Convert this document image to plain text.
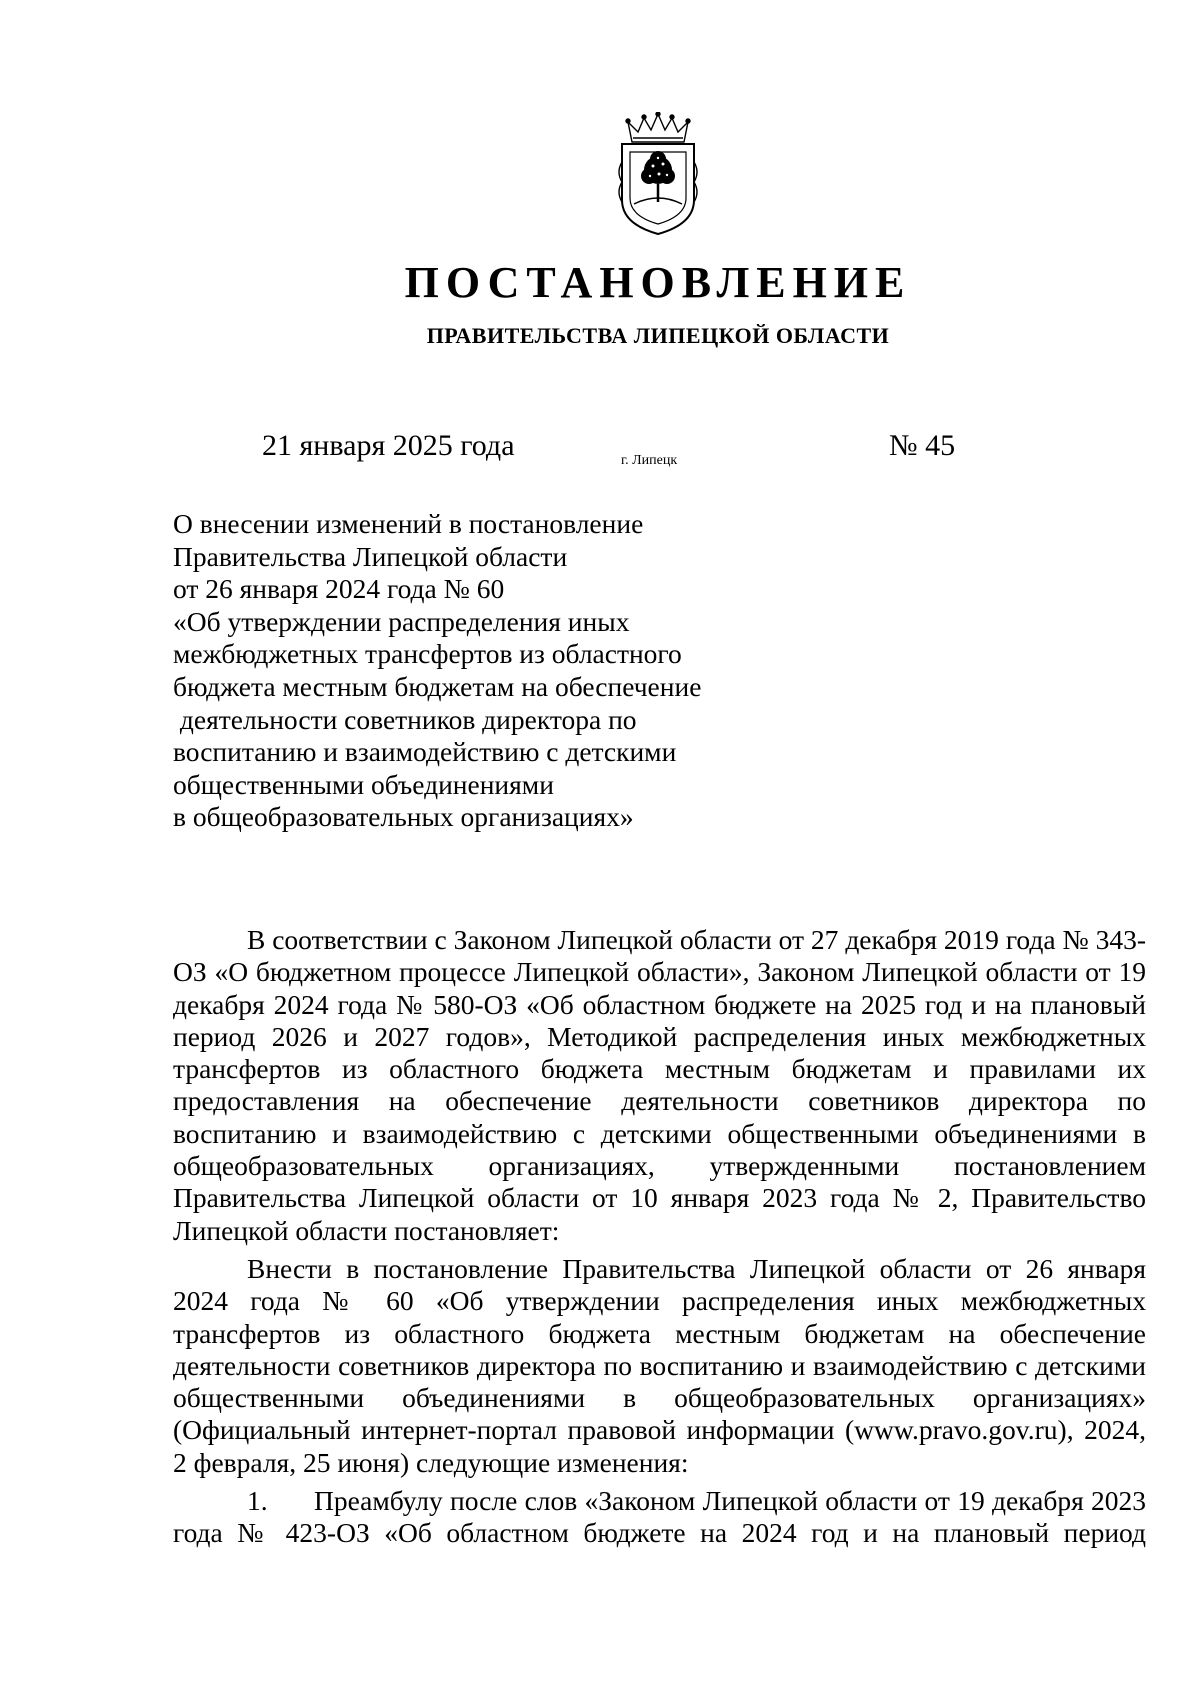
ПОСТАНОВЛЕНИЕ
ПРАВИТЕЛЬСТВА ЛИПЕЦКОЙ ОБЛАСТИ
21 января 2025 года	г. Липецк	№ 45
О внесении изменений в постановление
Правительства Липецкой области
от 26 января 2024 года № 60
«Об утверждении распределения иных
межбюджетных трансфертов из областного
бюджета местным бюджетам на обеспечение
деятельности советников директора по
воспитанию и взаимодействию с детскими
общественными объединениями
в общеобразовательных организациях»

В соответствии с Законом Липецкой области от 27 декабря 2019 года № 343-ОЗ «О бюджетном процессе Липецкой области», Законом Липецкой области от 19 декабря 2024 года № 580-ОЗ «Об областном бюджете на 2025 год и на плановый период 2026 и 2027 годов», Методикой распределения иных межбюджетных трансфертов из областного бюджета местным бюджетам и правилами их предоставления на обеспечение деятельности советников директора по воспитанию и взаимодействию с детскими общественными объединениями в общеобразовательных организациях, утвержденными постановлением Правительства Липецкой области от 10 января 2023 года № 2, Правительство Липецкой области постановляет:

Внести в постановление Правительства Липецкой области от 26 января 2024 года № 60 «Об утверждении распределения иных межбюджетных трансфертов из областного бюджета местным бюджетам на обеспечение деятельности советников директора по воспитанию и взаимодействию с детскими общественными объединениями в общеобразовательных организациях» (Официальный интернет-портал правовой информации (www.pravo.gov.ru), 2024, 2 февраля, 25 июня) следующие изменения:

1. Преамбулу после слов «Законом Липецкой области от 19 декабря 2023 года № 423-ОЗ «Об областном бюджете на 2024 год и на плановый период
